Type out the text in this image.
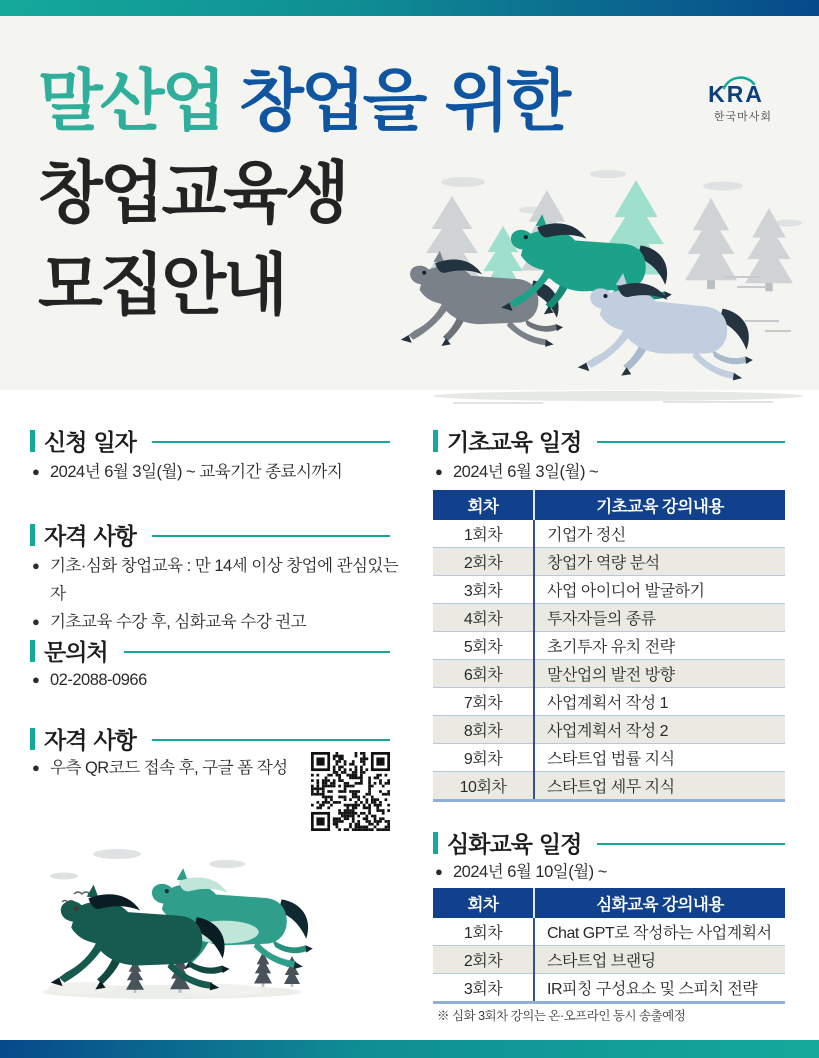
말산업 창업을 위한
창업교육생
모집안내
KRA
한국마사회
신청 일자
● 2024년 6월 3일(월) ~ 교육기간 종료시까지
자격 사항
● 기초·심화 창업교육 : 만 14세 이상 창업에 관심있는자
● 기초교육 수강 후, 심화교육 수강 권고
문의처
● 02-2088-0966
자격 사항
● 우측 QR코드 접속 후, 구글 폼 작성
기초교육 일정
● 2024년 6월 3일(월) ~
회차	기초교육 강의내용
1회차	기업가 정신
2회차	창업가 역량 분석
3회차	사업 아이디어 발굴하기
4회차	투자자들의 종류
5회차	초기투자 유치 전략
6회차	말산업의 발전 방향
7회차	사업계획서 작성 1
8회차	사업계획서 작성 2
9회차	스타트업 법률 지식
10회차	스타트업 세무 지식
심화교육 일정
● 2024년 6월 10일(월) ~
회차	심화교육 강의내용
1회차	Chat GPT로 작성하는 사업계획서
2회차	스타트업 브랜딩
3회차	IR피칭 구성요소 및 스피치 전략
※ 심화 3회차 강의는 온·오프라인 동시 송출예정
